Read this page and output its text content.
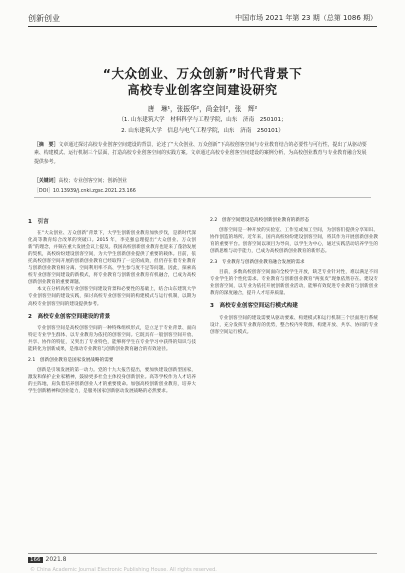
创新创业	中国市场 2021 年第 23 期（总第 1086 期）
“大众创业、万众创新”时代背景下
高校专业创客空间建设研究
唐　琳¹，张振华²，尚金钊²，张　辉²
（1. 山东建筑大学　材料科学与工程学院，山东　济南　250101；
2. 山东建筑大学　信息与电气工程学院，山东　济南　250101）
［摘　要］文章通过探讨高校专业创客空间建设的背景，论述了“大众创业、万众创新”下高校创客空间与专业教育结合的必要性与可行性，提出了从驱动要素、构建模式、运行机制三个层面，打造高校专业创客空间的实践方案。文章通过高校专业创客空间建设的案例分析，为高校创业教育与专业教育融合发展提供参考。
［关键词］高校；专业创客空间；创新创业
［DOI］10.13939/j.cnki.zgsc.2021.23.166
1　引言

在“大众创业、万众创新”背景下，大学生创新创业教育加快步伐，是新时代深化高等教育综合改革的突破口。2015 年，李克强总理提出“大众创业、万众创新”的理念，并频在重大发展会议上提及。我国高校创新创业教育也迎来了蓬勃发展的契机，高校纷纷建设创客空间，为大学生创新创业提供了重要的载体。目前，依托高校创客空间开展的创新创业教育已经取得了一定的成效，但仍存在着专业教育与创新创业教育相分离、空间利用率不高、学生参与度不足等问题。因此，探索高校专业创客空间建设的新模式，将专业教育与创新创业教育有机融合，已成为高校创新创业教育的重要课题。

本文在分析高校专业创客空间建设背景和必要性的基础上，结合山东建筑大学专业创客空间的建设实践，探讨高校专业创客空间的构建模式与运行机制，以期为高校专业创客空间的建设提供参考。

2　高校专业创客空间建设的背景

专业创客空间是高校创客空间的一种特殊组织形式，是立足于专业背景、面向特定专业学生群体、以专业教育为依托的创客空间。它既具有一般创客空间开放、共享、协作的特征，又突出了专业特色，能够将学生在专业学习中获得的知识与技能转化为创新成果，是推动专业教育与创新创业教育融合的有效途径。

2.1　创新创业教育是国家发展战略的需要

创新是引领发展的第一动力。党的十九大报告提出，要加快建设创新型国家，激发和保护企业家精神，鼓励更多社会主体投身创新创业。高等学校作为人才培养的主阵地，肩负着培养创新创业人才的重要使命。加强高校创新创业教育，培养大学生创新精神和创业能力，是服务国家创新驱动发展战略的必然要求。

2.2　创客空间建设是高校创新创业教育的新形态

创客空间是一种开放的实验室、工作室或加工空间，为创客们提供分享知识、协作创造的场所。近年来，国内高校纷纷建设创客空间，将其作为开展创新创业教育的重要平台。创客空间以项目为导向，以学生为中心，通过实践活动培养学生的创新思维与动手能力，已成为高校创新创业教育的新形态。

2.3　专业教育与创新创业教育融合发展的需求

目前，多数高校创客空间面向全校学生开放，缺乏专业针对性，难以满足不同专业学生的个性化需求。专业教育与创新创业教育“两张皮”现象依然存在。建设专业创客空间，以专业为依托开展创新创业活动，能够有效促进专业教育与创新创业教育的深度融合，提升人才培养质量。

3　高校专业创客空间运行模式构建

专业创客空间的建设需要从驱动要素、构建模式和运行机制三个层面进行系统设计，充分发挥专业教育的优势，整合校内外资源，构建开放、共享、协同的专业创客空间运行模式。

166 2021.8
© China Academic Journal Electronic Publishing House. All rights reserved.
